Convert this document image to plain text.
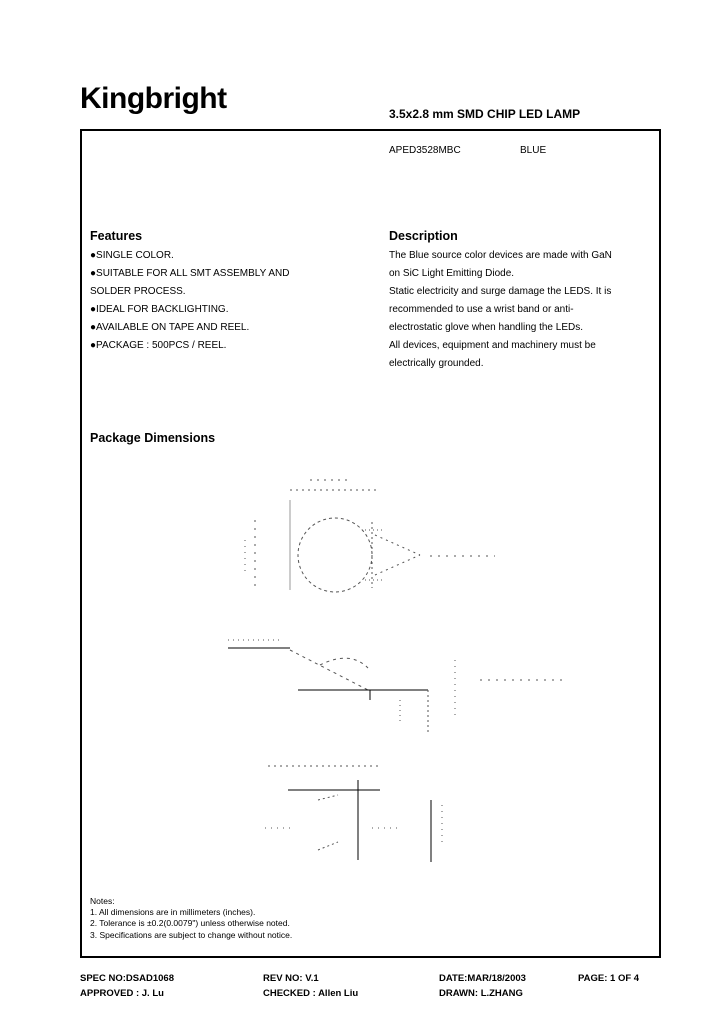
Kingbright	3.5x2.8 mm SMD CHIP LED LAMP
APED3528MBC	BLUE
Features
●SINGLE COLOR.
●SUITABLE FOR ALL SMT ASSEMBLY AND
SOLDER PROCESS.
●IDEAL FOR BACKLIGHTING.
●AVAILABLE ON TAPE AND REEL.
●PACKAGE : 500PCS / REEL.
Description

The Blue source color devices are made with GaN

on SiC Light Emitting Diode.

Static electricity and surge damage the LEDS. It is

recommended to use a wrist band or anti-

electrostatic glove when handling the LEDs.

All devices, equipment and machinery must be

electrically grounded.

Package Dimensions
Notes:
1. All dimensions are in millimeters (inches).
2. Tolerance is ±0.2(0.0079") unless otherwise noted.
3. Specifications are subject to change without notice.
SPEC NO:DSAD1068	REV NO: V.1	DATE:MAR/18/2003	PAGE: 1 OF 4
APPROVED : J. Lu	CHECKED : Allen Liu	DRAWN: L.ZHANG
